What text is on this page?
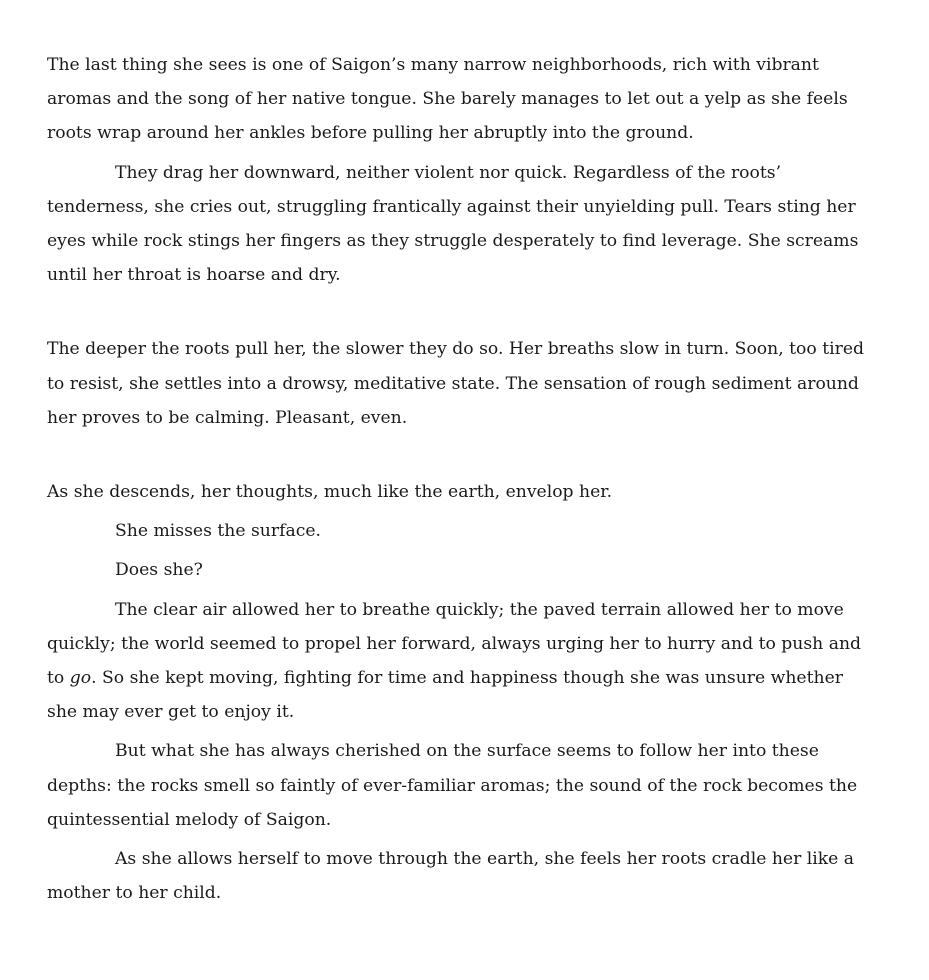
The last thing she sees is one of Saigon’s many narrow neighborhoods, rich with vibrant aromas and the song of her native tongue. She barely manages to let out a yelp as she feels roots wrap around her ankles before pulling her abruptly into the ground.

They drag her downward, neither violent nor quick. Regardless of the roots’ tenderness, she cries out, struggling frantically against their unyielding pull. Tears sting her eyes while rock stings her fingers as they struggle desperately to find leverage. She screams until her throat is hoarse and dry.

The deeper the roots pull her, the slower they do so. Her breaths slow in turn. Soon, too tired to resist, she settles into a drowsy, meditative state. The sensation of rough sediment around her proves to be calming. Pleasant, even.

As she descends, her thoughts, much like the earth, envelop her.

She misses the surface.

Does she?

The clear air allowed her to breathe quickly; the paved terrain allowed her to move quickly; the world seemed to propel her forward, always urging her to hurry and to push and to go. So she kept moving, fighting for time and happiness though she was unsure whether she may ever get to enjoy it.

But what she has always cherished on the surface seems to follow her into these depths: the rocks smell so faintly of ever-familiar aromas; the sound of the rock becomes the quintessential melody of Saigon.

As she allows herself to move through the earth, she feels her roots cradle her like a mother to her child.
